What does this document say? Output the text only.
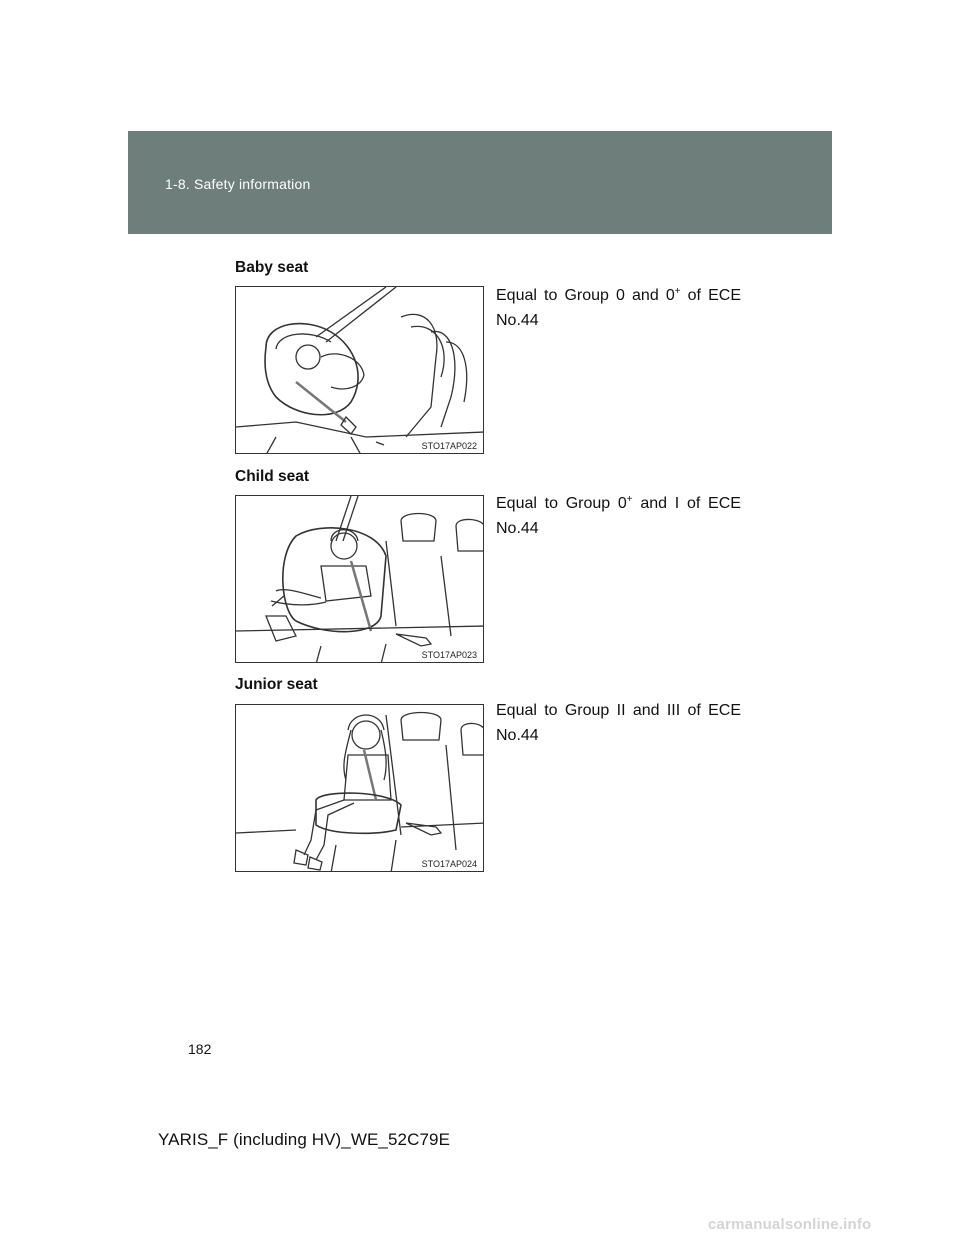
1-8. Safety information
Baby seat
STO17AP022
Equal to Group 0 and 0+ of ECE
No.44
Child seat
STO17AP023
Equal to Group 0+ and I of ECE
No.44
Junior seat
STO17AP024
Equal to Group II and III of ECE
No.44
182
YARIS_F (including HV)_WE_52C79E
carmanualsonline.info
